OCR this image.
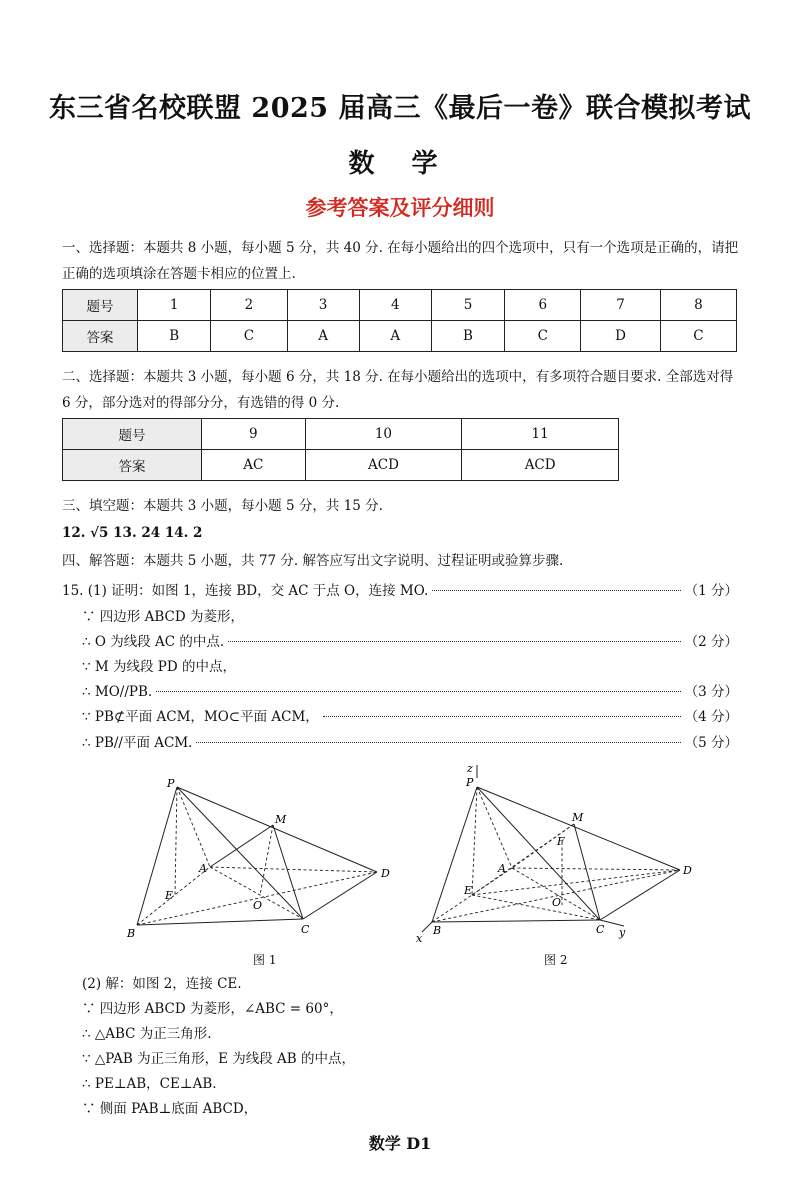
东三省名校联盟 2025 届高三《最后一卷》联合模拟考试
数 学
参考答案及评分细则
一、选择题：本题共 8 小题，每小题 5 分，共 40 分. 在每小题给出的四个选项中，只有一个选项是正确的，请把
正确的选项填涂在答题卡相应的位置上.
题号	1	2	3	4	5	6	7	8
答案	B	C	A	A	B	C	D	C
二、选择题：本题共 3 小题，每小题 6 分，共 18 分. 在每小题给出的选项中，有多项符合题目要求. 全部选对得
6 分，部分选对的得部分分，有选错的得 0 分.
题号	9	10	11
答案	AC	ACD	ACD
三、填空题：本题共 3 小题，每小题 5 分，共 15 分.
12. √5 13. 24 14. 2
四、解答题：本题共 5 小题，共 77 分. 解答应写出文字说明、过程证明或验算步骤.
15. (1) 证明：如图 1，连接 BD，交 AC 于点 O，连接 MO.	（1 分）
∵ 四边形 ABCD 为菱形，
∴ O 为线段 AC 的中点.	（2 分）
∵ M 为线段 PD 的中点，
∴ MO//PB.	（3 分）
∵ PB⊄平面 ACM，MO⊂平面 ACM，	（4 分）
∴ PB//平面 ACM.	（5 分）
P
M
A
E
O
B	C
D
图 1
z
P
M
F
A
E
O
B
x
C y
D
图 2
(2) 解：如图 2，连接 CE.
∵ 四边形 ABCD 为菱形，∠ABC = 60°，
∴ △ABC 为正三角形.
∵ △PAB 为正三角形，E 为线段 AB 的中点，
∴ PE⊥AB，CE⊥AB.
∵ 侧面 PAB⊥底面 ABCD，
数学 D1
